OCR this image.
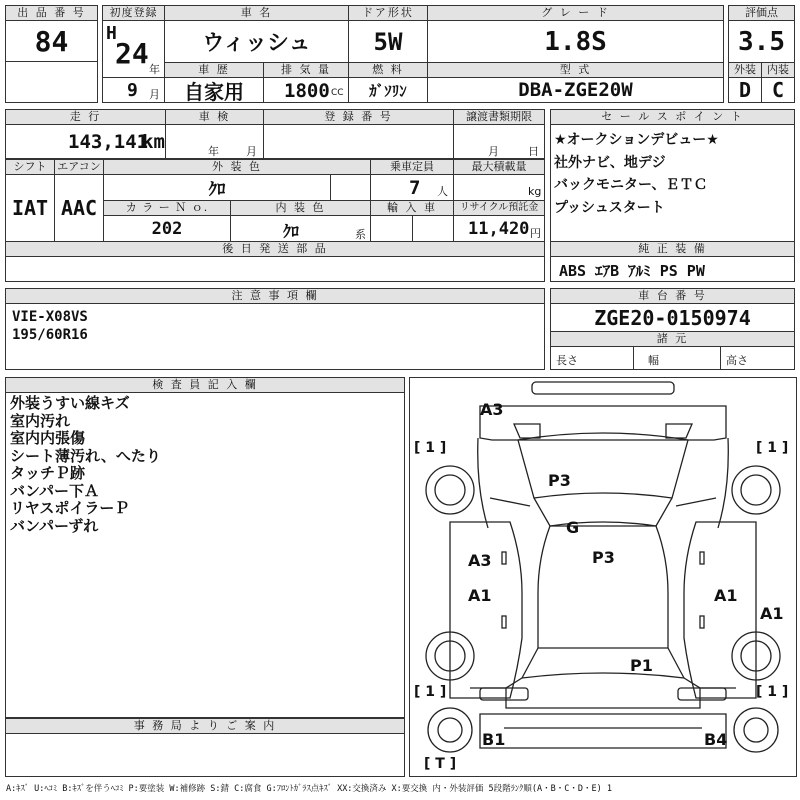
出 品 番 号
84
初度登録
H
24 年
9 月
車 名
ウィッシュ
車 歴
自家用
排 気 量
1800 CC
ドア形状
5W
燃 料
ｶﾞｿﾘﾝ
グ レ ー ド
1.8S
型 式
DBA-ZGE20W
評価点
3.5
外装	内装
D	C
走 行
143,141
km
車 検
年 月
登 録 番 号	譲渡書類期限
月	日
シフト
IAT
エアコン
AAC
外 装 色
ｸﾛ
乗車定員
7 人
最大積載量
kg
カ ラ ー Ｎ ｏ.
202
内 装 色
ｸﾛ	系
輸 入 車	リサイクル預託金
11,420 円
後 日 発 送 部 品
セ ー ル ス ポ イ ン ト
★オークションデビュー★
社外ナビ、地デジ
バックモニター、ＥＴＣ
プッシュスタート
純 正 装 備
ABS ｴｱB ｱﾙﾐ PS PW
注 意 事 項 欄
VIE-X08VS
195/60R16
車 台 番 号
ZGE20-0150974
諸 元
長さ	幅	高さ
検 査 員 記 入 欄
外装うすい線キズ
室内汚れ
室内内張傷
シート薄汚れ、へたり
タッチＰ跡
バンパー下Ａ
リヤスポイラーＰ
バンパーずれ
事 務 局 よ り ご 案 内
[ 1 ]	[ 1 ]
[ 1 ]	[ 1 ]
[ T ]
A3
P3
G
A3	P3
A1	A1
A1
P1
B1	B4
A:ｷｽﾞ U:ﾍｺﾐ B:ｷｽﾞを伴うﾍｺﾐ P:要塗装 W:補修跡 S:錆 C:腐食 G:ﾌﾛﾝﾄｶﾞﾗｽ点ｷｽﾞ XX:交換済み X:要交換 内・外装評価 5段階ﾗﾝｸ順(A・B・C・D・E) 1
